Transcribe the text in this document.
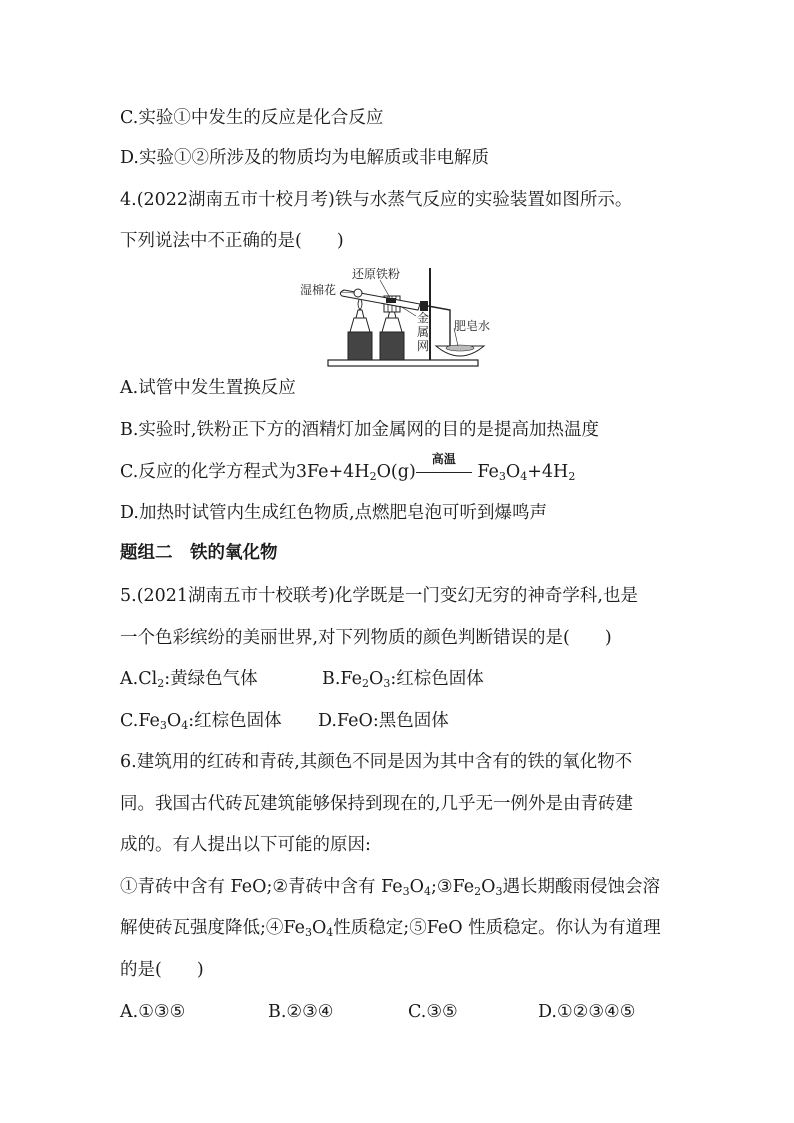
C.实验①中发生的反应是化合反应
D.实验①②所涉及的物质均为电解质或非电解质
4.(2022湖南五市十校月考)铁与水蒸气反应的实验装置如图所示。
下列说法中不正确的是(　　)
湿棉花
还原铁粉
金
属
网
肥皂水
A.试管中发生置换反应
B.实验时,铁粉正下方的酒精灯加金属网的目的是提高加热温度
C.反应的化学方程式为$3Fe+4H_2O(g)$高温
$Fe_3O_4+4H_2$
D.加热时试管内生成红色物质,点燃肥皂泡可听到爆鸣声
题组二　铁的氧化物
5.(2021湖南五市十校联考)化学既是一门变幻无穷的神奇学科,也是
一个色彩缤纷的美丽世界,对下列物质的颜色判断错误的是(　　)
$A.Cl_2$:黄绿色气体	$B.Fe_2O_3$:红棕色固体
$C.Fe_3O_4$:红棕色固体 D.FeO:黑色固体
6.建筑用的红砖和青砖,其颜色不同是因为其中含有的铁的氧化物不
同。我国古代砖瓦建筑能够保持到现在的,几乎无一例外是由青砖建
成的。有人提出以下可能的原因:
①青砖中含有 FeO;②青砖中含有 $Fe_3O_4;③Fe_2O_3$遇长期酸雨侵蚀会溶
解使砖瓦强度降低$;④Fe_3O_4$性质稳定;⑤FeO 性质稳定。你认为有道理
的是(　　)
A.①③⑤	B.②③④	C.③⑤	D.①②③④⑤
